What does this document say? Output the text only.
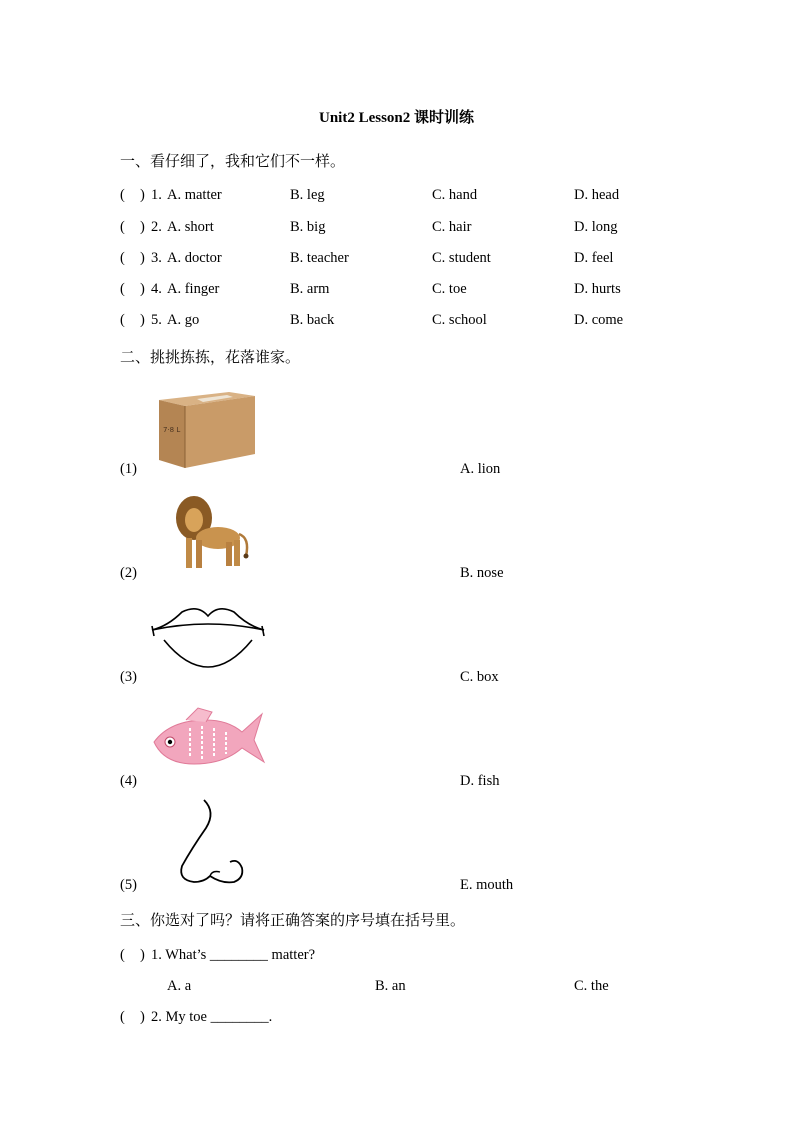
Unit2 Lesson2 课时训练
一、看仔细了，我和它们不一样。
( ) 1. A. matter	B. leg	C. hand	D. head
( ) 2. A. short	B. big	C. hair	D. long
( ) 3. A. doctor	B. teacher	C. student	D. feel
( ) 4. A. finger	B. arm	C. toe	D. hurts
( ) 5. A. go	B. back	C. school	D. come
二、挑挑拣拣，花落谁家。
7·8 L
(1)	A. lion
(2)	B. nose
(3)	C. box
(4)	D. fish
(5)	E. mouth
三、你选对了吗？请将正确答案的序号填在括号里。
( ) 1. What’s ________ matter?
A. a	B. an	C. the
( ) 2. My toe ________.
